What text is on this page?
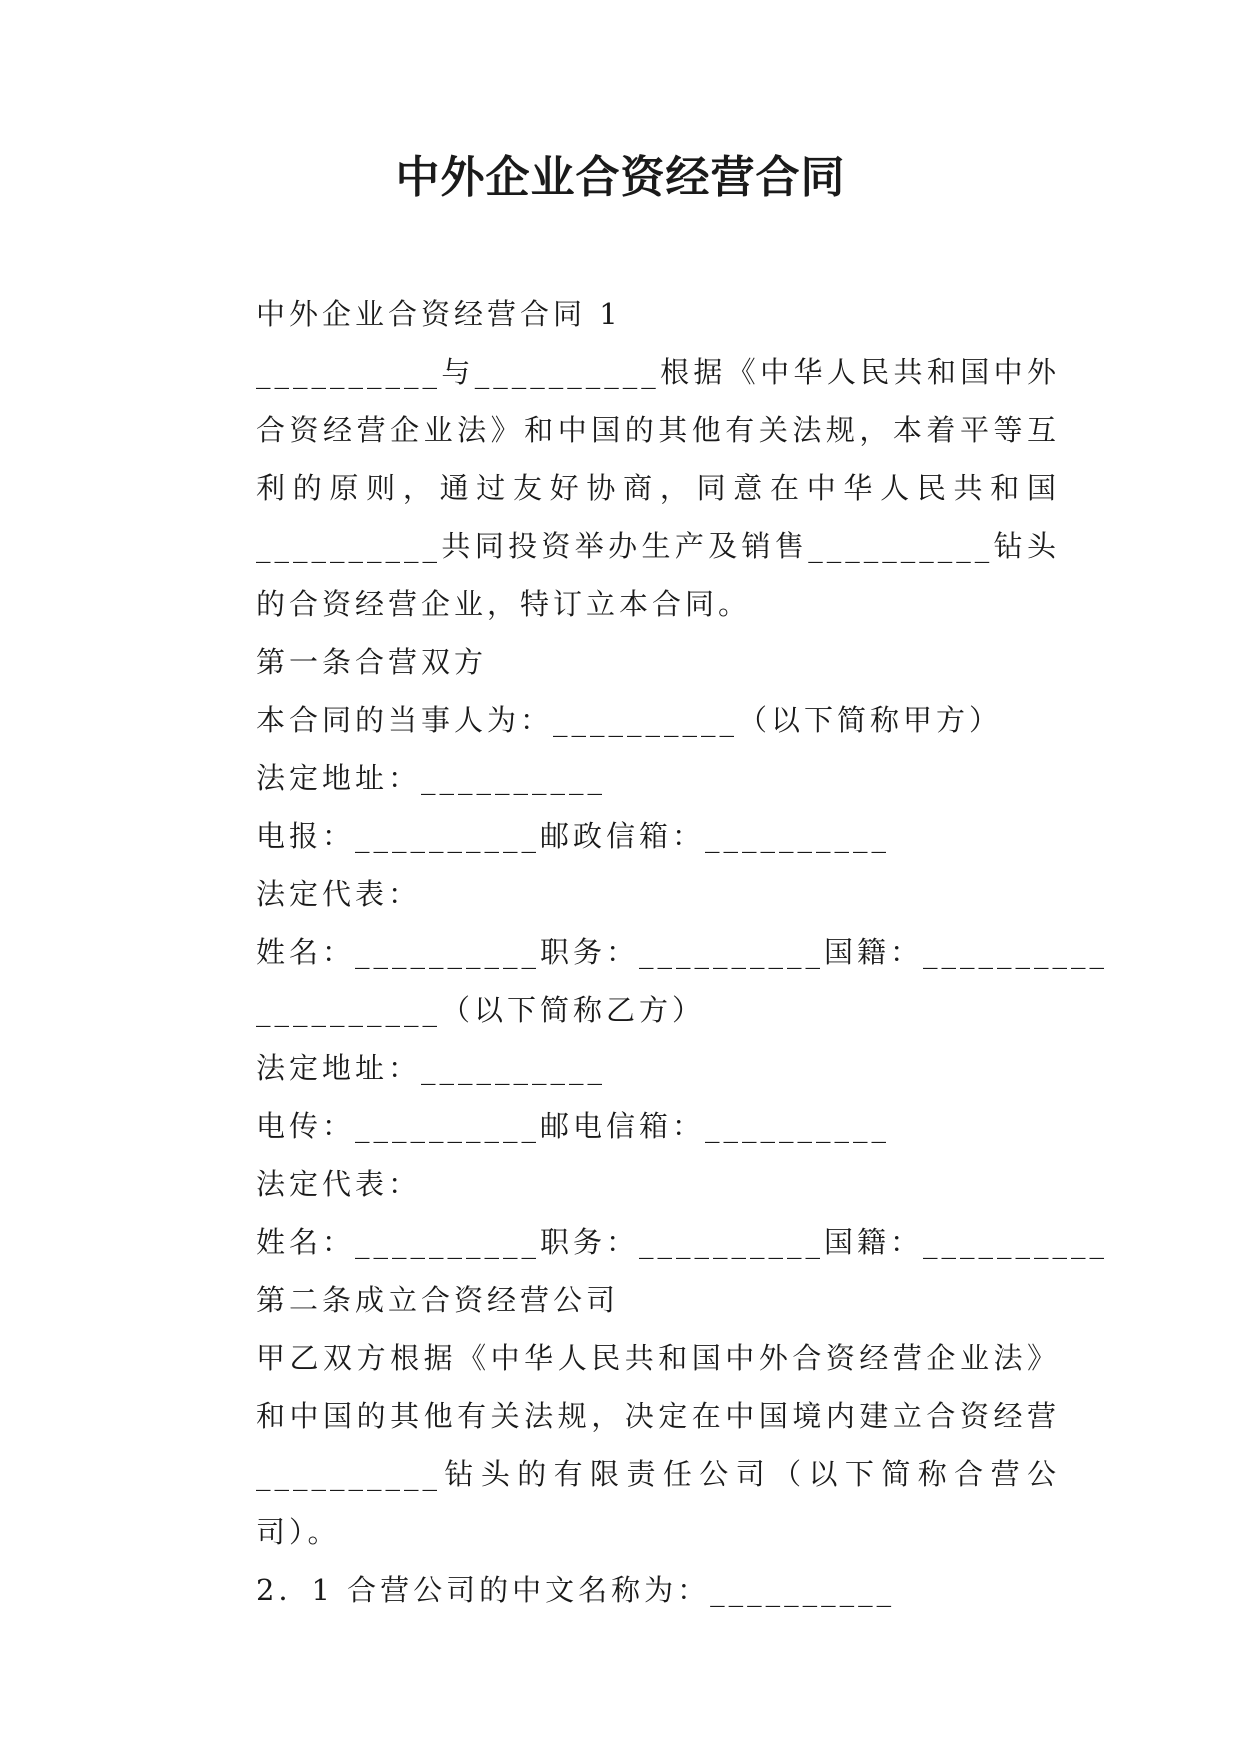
中外企业合资经营合同

中外企业合资经营合同 1

__________与__________根据《中华人民共和国中外合资经营企业法》和中国的其他有关法规，本着平等互利的原则，通过友好协商，同意在中华人民共和国__________共同投资举办生产及销售__________钻头的合资经营企业，特订立本合同。

第一条合营双方

本合同的当事人为：__________（以下简称甲方）

法定地址：__________

电报：__________邮政信箱：__________

法定代表：

姓名：__________职务：__________国籍：__________

__________（以下简称乙方）

法定地址：__________

电传：__________邮电信箱：__________

法定代表：

姓名：__________职务：__________国籍：__________

第二条成立合资经营公司

甲乙双方根据《中华人民共和国中外合资经营企业法》和中国的其他有关法规，决定在中国境内建立合资经营__________钻头的有限责任公司（以下简称合营公司）。

2．1 合营公司的中文名称为：__________
